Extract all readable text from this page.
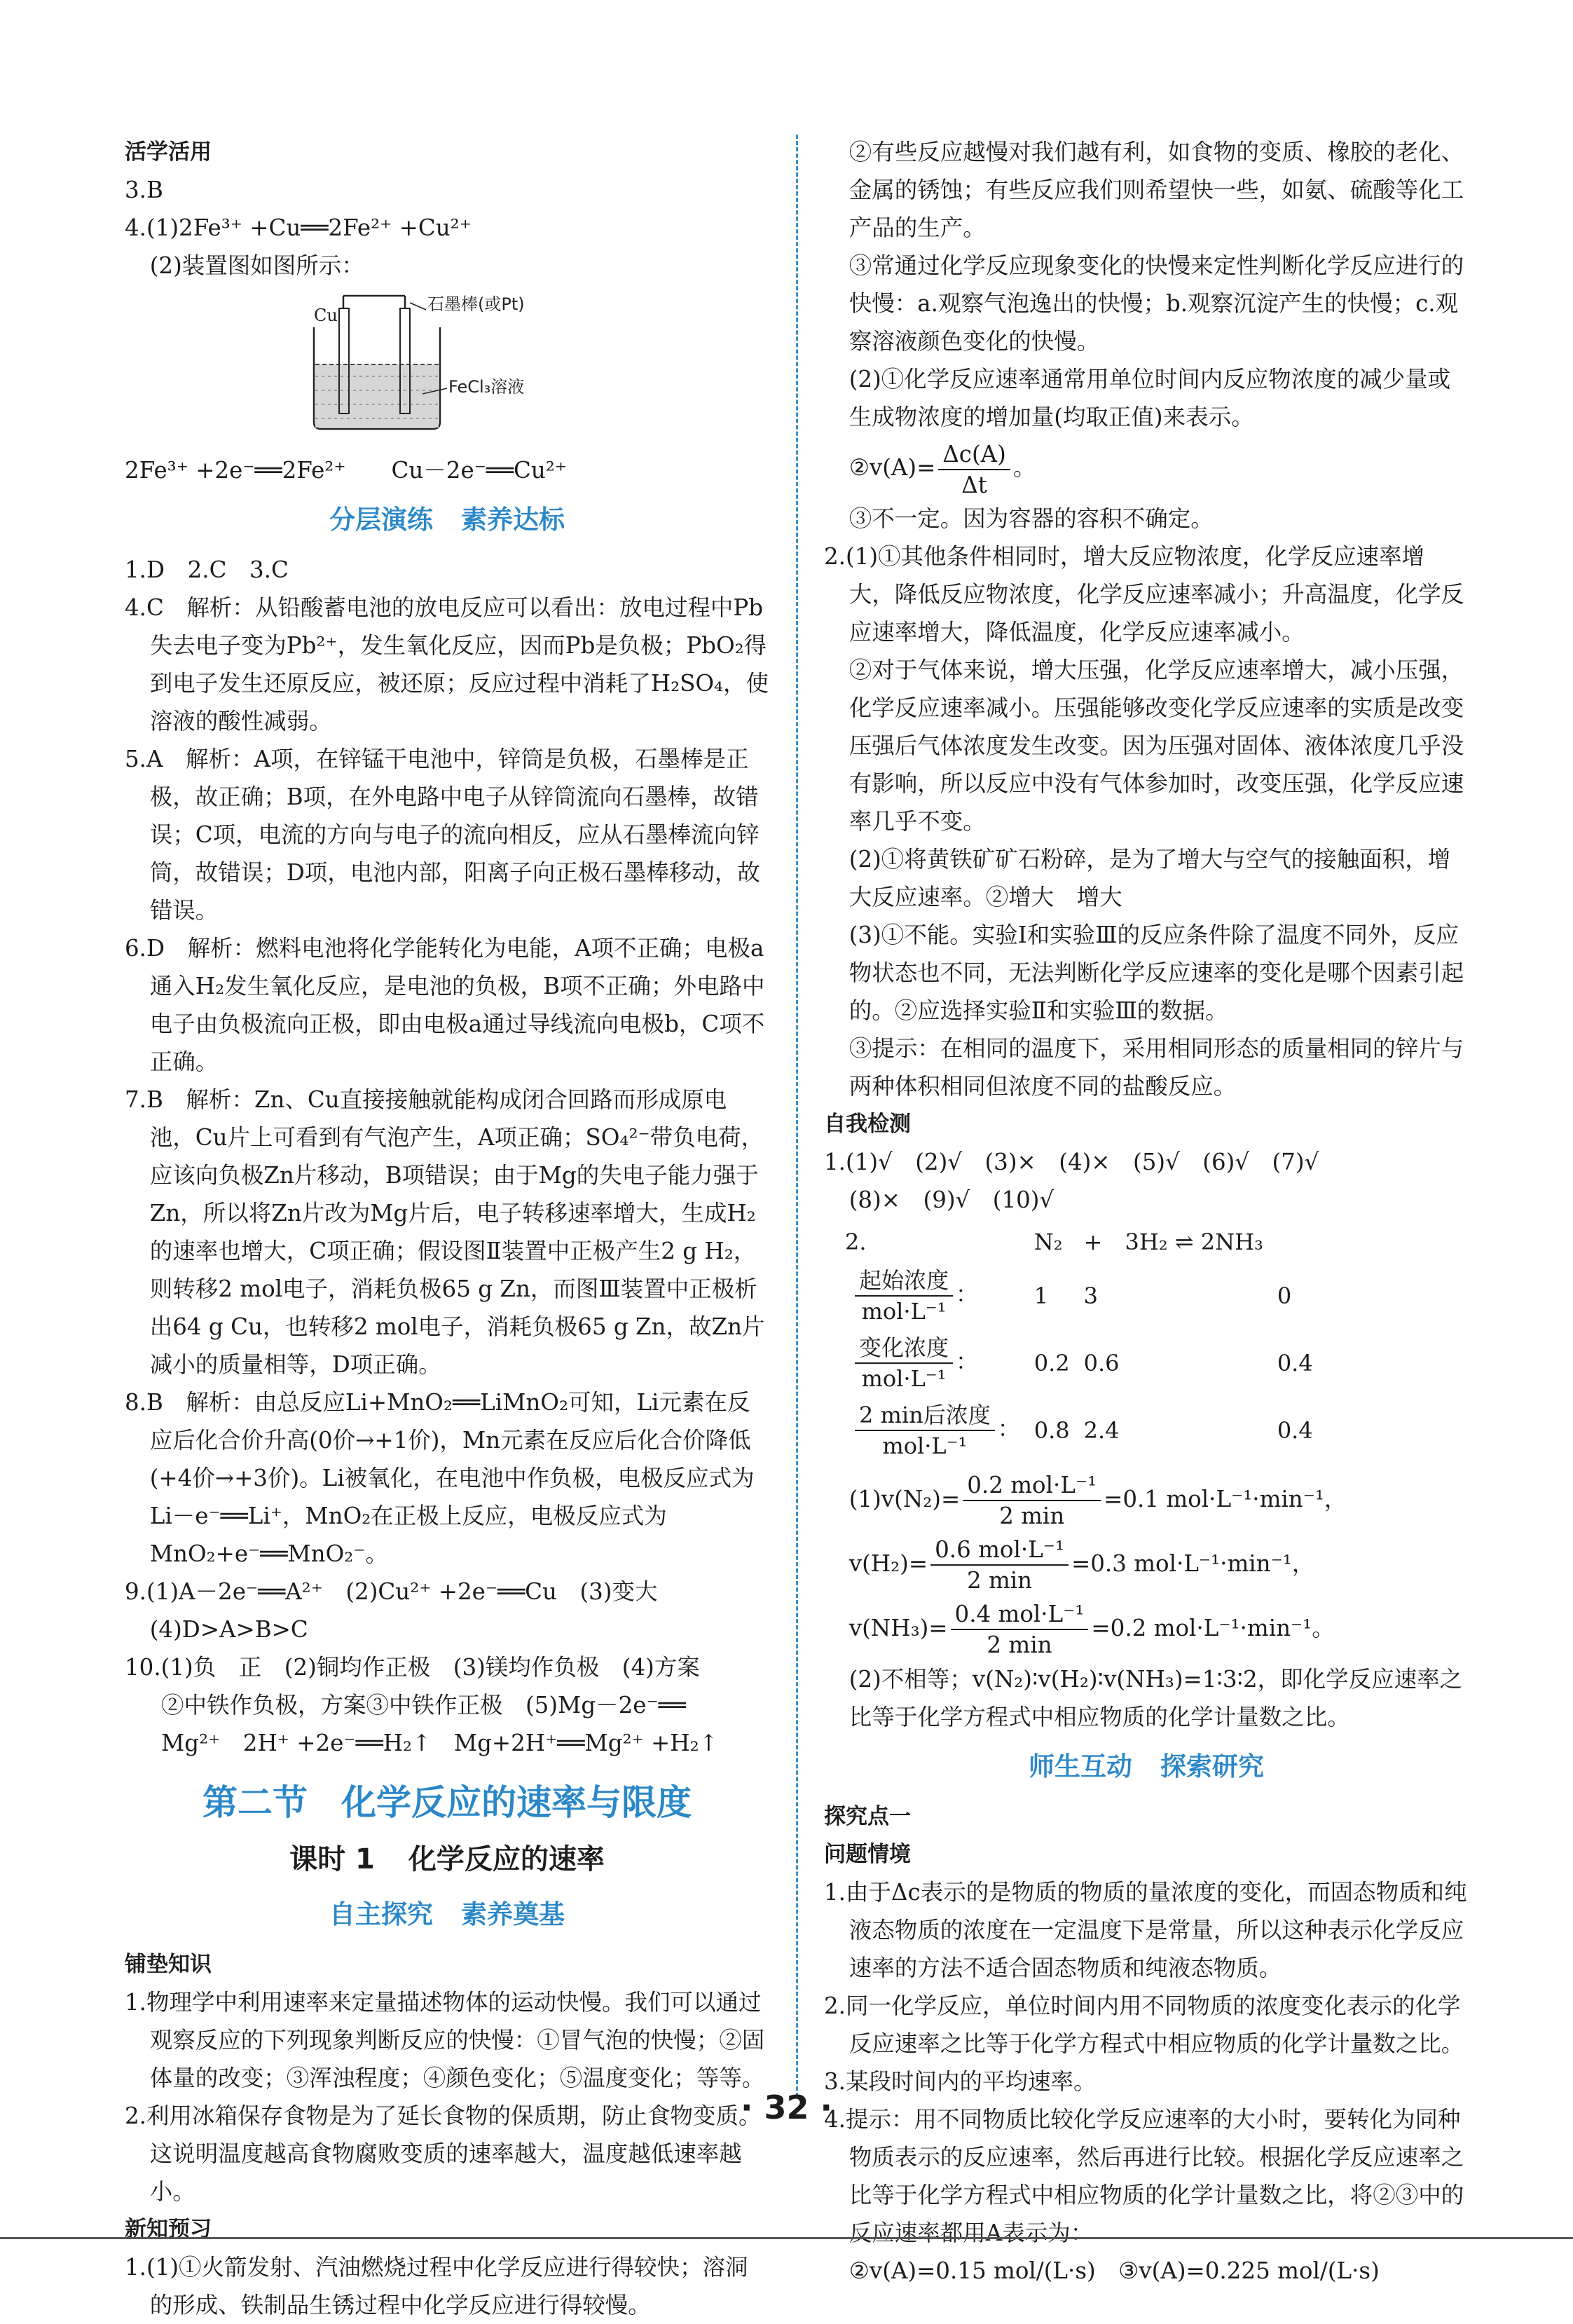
活学活用

3.B

4.(1)2Fe³⁺ +Cu══2Fe²⁺ +Cu²⁺

(2)装置图如图所示：

Cu
石墨棒(或Pt)
FeCl₃溶液

2Fe³⁺ +2e⁻══2Fe²⁺　　Cu－2e⁻══Cu²⁺

分层演练 素养达标

1.D　2.C　3.C

4.C　解析：从铅酸蓄电池的放电反应可以看出：放电过程中Pb失去电子变为Pb²⁺，发生氧化反应，因而Pb是负极；PbO₂得到电子发生还原反应，被还原；反应过程中消耗了H₂SO₄，使溶液的酸性减弱。

5.A　解析：A项，在锌锰干电池中，锌筒是负极，石墨棒是正极，故正确；B项，在外电路中电子从锌筒流向石墨棒，故错误；C项，电流的方向与电子的流向相反，应从石墨棒流向锌筒，故错误；D项，电池内部，阳离子向正极石墨棒移动，故错误。

6.D　解析：燃料电池将化学能转化为电能，A项不正确；电极a通入H₂发生氧化反应，是电池的负极，B项不正确；外电路中电子由负极流向正极，即由电极a通过导线流向电极b，C项不正确。

7.B　解析：Zn、Cu直接接触就能构成闭合回路而形成原电池，Cu片上可看到有气泡产生，A项正确；SO₄²⁻带负电荷，应该向负极Zn片移动，B项错误；由于Mg的失电子能力强于Zn，所以将Zn片改为Mg片后，电子转移速率增大，生成H₂的速率也增大，C项正确；假设图Ⅱ装置中正极产生2 g H₂，则转移2 mol电子，消耗负极65 g Zn，而图Ⅲ装置中正极析出64 g Cu，也转移2 mol电子，消耗负极65 g Zn，故Zn片减小的质量相等，D项正确。

8.B　解析：由总反应Li+MnO₂══LiMnO₂可知，Li元素在反应后化合价升高(0价→+1价)，Mn元素在反应后化合价降低(+4价→+3价)。Li被氧化，在电池中作负极，电极反应式为Li－e⁻══Li⁺，MnO₂在正极上反应，电极反应式为MnO₂+e⁻══MnO₂⁻。

9.(1)A－2e⁻══A²⁺　(2)Cu²⁺ +2e⁻══Cu　(3)变大

(4)D>A>B>C

10.(1)负　正　(2)铜均作正极　(3)镁均作负极　(4)方案

②中铁作负极，方案③中铁作正极　(5)Mg－2e⁻══

Mg²⁺　2H⁺ +2e⁻══H₂↑　Mg+2H⁺══Mg²⁺ +H₂↑

第二节 化学反应的速率与限度

课时 1 化学反应的速率

自主探究 素养奠基

铺垫知识

1.物理学中利用速率来定量描述物体的运动快慢。我们可以通过观察反应的下列现象判断反应的快慢：①冒气泡的快慢；②固体量的改变；③浑浊程度；④颜色变化；⑤温度变化；等等。

2.利用冰箱保存食物是为了延长食物的保质期，防止食物变质。这说明温度越高食物腐败变质的速率越大，温度越低速率越小。

新知预习

1.(1)①火箭发射、汽油燃烧过程中化学反应进行得较快；溶洞的形成、铁制品生锈过程中化学反应进行得较慢。

②有些反应越慢对我们越有利，如食物的变质、橡胶的老化、金属的锈蚀；有些反应我们则希望快一些，如氨、硫酸等化工产品的生产。

③常通过化学反应现象变化的快慢来定性判断化学反应进行的快慢：a.观察气泡逸出的快慢；b.观察沉淀产生的快慢；c.观察溶液颜色变化的快慢。

(2)①化学反应速率通常用单位时间内反应物浓度的减少量或生成物浓度的增加量(均取正值)来表示。

②v(A)= $\frac{\Delta c(A)}{\Delta t}$ 。

③不一定。因为容器的容积不确定。

2.(1)①其他条件相同时，增大反应物浓度，化学反应速率增大，降低反应物浓度，化学反应速率减小；升高温度，化学反应速率增大，降低温度，化学反应速率减小。

②对于气体来说，增大压强，化学反应速率增大，减小压强，化学反应速率减小。压强能够改变化学反应速率的实质是改变压强后气体浓度发生改变。因为压强对固体、液体浓度几乎没有影响，所以反应中没有气体参加时，改变压强，化学反应速率几乎不变。

(2)①将黄铁矿矿石粉碎，是为了增大与空气的接触面积，增大反应速率。②增大　增大

(3)①不能。实验Ⅰ和实验Ⅲ的反应条件除了温度不同外，反应物状态也不同，无法判断化学反应速率的变化是哪个因素引起的。②应选择实验Ⅱ和实验Ⅲ的数据。

③提示：在相同的温度下，采用相同形态的质量相同的锌片与两种体积相同但浓度不同的盐酸反应。

自我检测

1.(1)√　(2)√　(3)×　(4)×　(5)√　(6)√　(7)√

(8)×　(9)√　(10)√

2.	N₂	+　 3H₂ ⇌ 2NH₃	

$\frac{\text{起始浓度}}{\text{mol·L⁻¹}}$ ：	1	3	0

$\frac{\text{变化浓度}}{\text{mol·L⁻¹}}$ ：	0.2	0.6	0.4

$\frac{\text{2 min后浓度}}{\text{mol·L⁻¹}}$ ：	0.8	2.4	0.4

$(1)v(N_2)= \frac{\text{0.2 mol·L⁻¹}}{2 \min} =0.1$ mol·L⁻¹·min⁻¹，

$v(H_2)= \frac{\text{0.6 mol·L⁻¹}}{2 \min} =0.3$ mol·L⁻¹·min⁻¹，

$v(NH_3)= \frac{\text{0.4 mol·L⁻¹}}{2 \min} =0.2$ mol·L⁻¹·min⁻¹。

(2)不相等；v(N₂)∶v(H₂)∶v(NH₃)=1∶3∶2，即化学反应速率之比等于化学方程式中相应物质的化学计量数之比。

师生互动 探索研究

探究点一

问题情境

1.由于Δc表示的是物质的物质的量浓度的变化，而固态物质和纯液态物质的浓度在一定温度下是常量，所以这种表示化学反应速率的方法不适合固态物质和纯液态物质。

2.同一化学反应，单位时间内用不同物质的浓度变化表示的化学反应速率之比等于化学方程式中相应物质的化学计量数之比。

3.某段时间内的平均速率。

4.提示：用不同物质比较化学反应速率的大小时，要转化为同种物质表示的反应速率，然后再进行比较。根据化学反应速率之比等于化学方程式中相应物质的化学计量数之比，将②③中的反应速率都用A表示为：

②v(A)=0.15 mol/(L·s)　③v(A)=0.225 mol/(L·s)

· 32 ·
